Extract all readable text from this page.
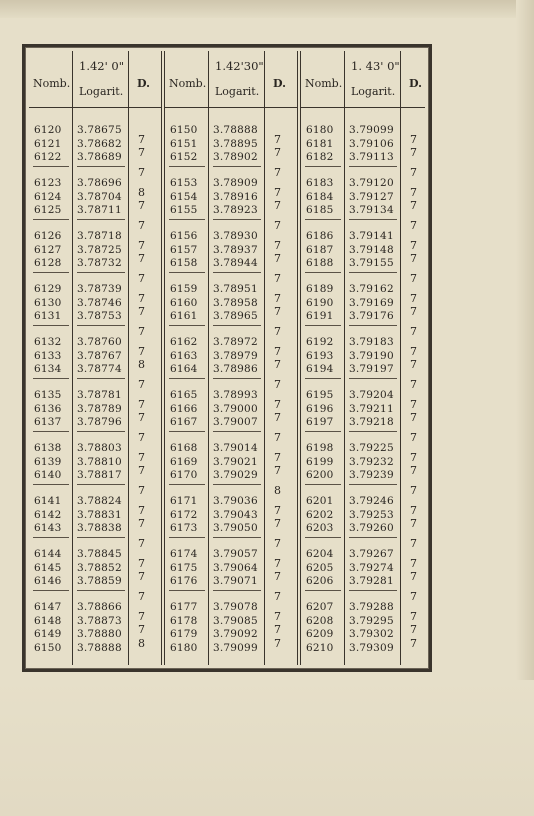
Nomb.
6120
6121
6122
6123
6124
6125
6126
6127
6128
6129
6130
6131
6132
6133
6134
6135
6136
6137
6138
6139
6140
6141
6142
6143
6144
6145
6146
6147
6148
6149
6150
1.42' 0"
Logarit.
3.78675
3.78682
3.78689
3.78696
3.78704
3.78711
3.78718
3.78725
3.78732
3.78739
3.78746
3.78753
3.78760
3.78767
3.78774
3.78781
3.78789
3.78796
3.78803
3.78810
3.78817
3.78824
3.78831
3.78838
3.78845
3.78852
3.78859
3.78866
3.78873
3.78880
3.78888
D.
7
7
7
8
7
7
7
7
7
7
7
7
7
8
7
7
7
7
7
7
7
7
7
7
7
7
7
7
7
8
Nomb.
6150
6151
6152
6153
6154
6155
6156
6157
6158
6159
6160
6161
6162
6163
6164
6165
6166
6167
6168
6169
6170
6171
6172
6173
6174
6175
6176
6177
6178
6179
6180
1.42'30"
Logarit.
3.78888
3.78895
3.78902
3.78909
3.78916
3.78923
3.78930
3.78937
3.78944
3.78951
3.78958
3.78965
3.78972
3.78979
3.78986
3.78993
3.79000
3.79007
3.79014
3.79021
3.79029
3.79036
3.79043
3.79050
3.79057
3.79064
3.79071
3.79078
3.79085
3.79092
3.79099
D.
7
7
7
7
7
7
7
7
7
7
7
7
7
7
7
7
7
7
7
7
8
7
7
7
7
7
7
7
7
7
Nomb.
6180
6181
6182
6183
6184
6185
6186
6187
6188
6189
6190
6191
6192
6193
6194
6195
6196
6197
6198
6199
6200
6201
6202
6203
6204
6205
6206
6207
6208
6209
6210
1. 43' 0"
Logarit.
3.79099
3.79106
3.79113
3.79120
3.79127
3.79134
3.79141
3.79148
3.79155
3.79162
3.79169
3.79176
3.79183
3.79190
3.79197
3.79204
3.79211
3.79218
3.79225
3.79232
3.79239
3.79246
3.79253
3.79260
3.79267
3.79274
3.79281
3.79288
3.79295
3.79302
3.79309
D.
7
7
7
7
7
7
7
7
7
7
7
7
7
7
7
7
7
7
7
7
7
7
7
7
7
7
7
7
7
7
